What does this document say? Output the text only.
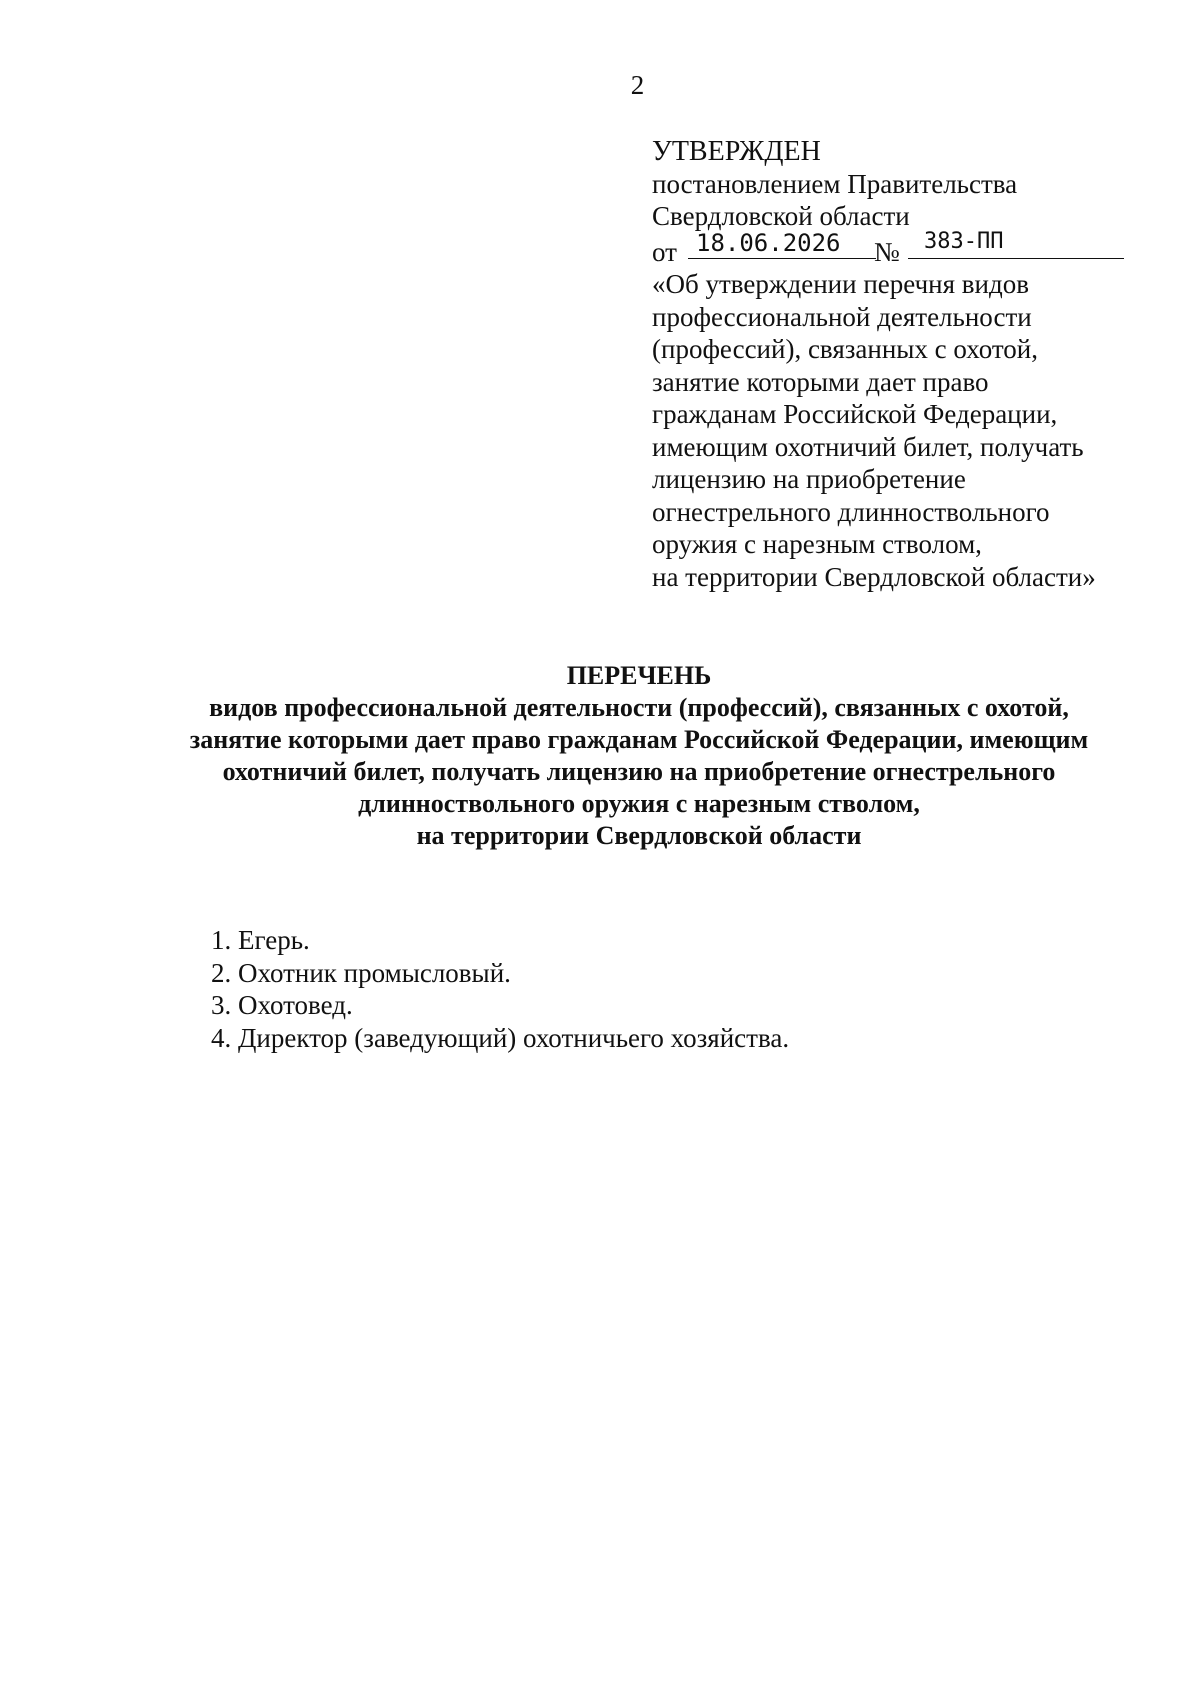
2
УТВЕРЖДЕН
постановлением Правительства
Свердловской области
от 18.06.2026	№	383-ПП
«Об утверждении перечня видов
профессиональной деятельности
(профессий), связанных с охотой,
занятие которыми дает право
гражданам Российской Федерации,
имеющим охотничий билет, получать
лицензию на приобретение
огнестрельного длинноствольного
оружия с нарезным стволом,
на территории Свердловской области»
ПЕРЕЧЕНЬ
видов профессиональной деятельности (профессий), связанных с охотой,
занятие которыми дает право гражданам Российской Федерации, имеющим
охотничий билет, получать лицензию на приобретение огнестрельного
длинноствольного оружия с нарезным стволом,
на территории Свердловской области
1. Егерь.
2. Охотник промысловый.
3. Охотовед.
4. Директор (заведующий) охотничьего хозяйства.
